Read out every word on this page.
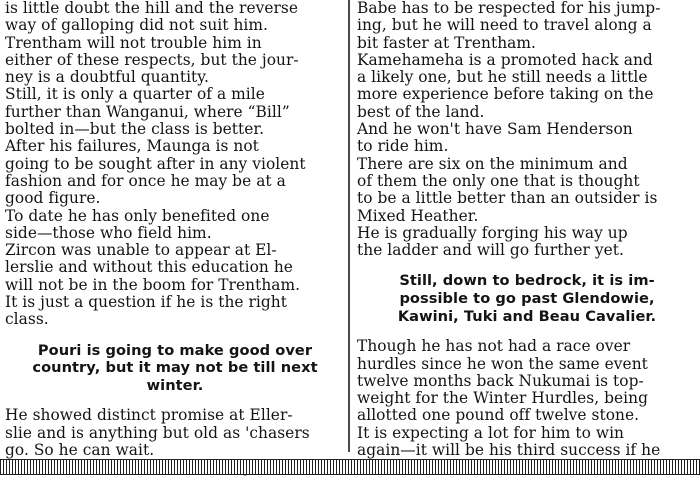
is little doubt the hill and the reverse
way of galloping did not suit him.
Trentham will not trouble him in
either of these respects, but the jour-
ney is a doubtful quantity.
Still, it is only a quarter of a mile
further than Wanganui, where “Bill”
bolted in—but the class is better.
After his failures, Maunga is not
going to be sought after in any violent
fashion and for once he may be at a
good figure.
To date he has only benefited one
side—those who field him.
Zircon was unable to appear at El-
lerslie and without this education he
will not be in the boom for Trentham.
It is just a question if he is the right
class.
Pouri is going to make good over
country, but it may not be till next
winter.
He showed distinct promise at Eller-
slie and is anything but old as 'chasers
go. So he can wait.
Babe has to be respected for his jump-
ing, but he will need to travel along a
bit faster at Trentham.
Kamehameha is a promoted hack and
a likely one, but he still needs a little
more experience before taking on the
best of the land.
And he won't have Sam Henderson
to ride him.
There are six on the minimum and
of them the only one that is thought
to be a little better than an outsider is
Mixed Heather.
He is gradually forging his way up
the ladder and will go further yet.
Still, down to bedrock, it is im-
possible to go past Glendowie,
Kawini, Tuki and Beau Cavalier.
Though he has not had a race over
hurdles since he won the same event
twelve months back Nukumai is top-
weight for the Winter Hurdles, being
allotted one pound off twelve stone.
It is expecting a lot for him to win
again—it will be his third success if he
